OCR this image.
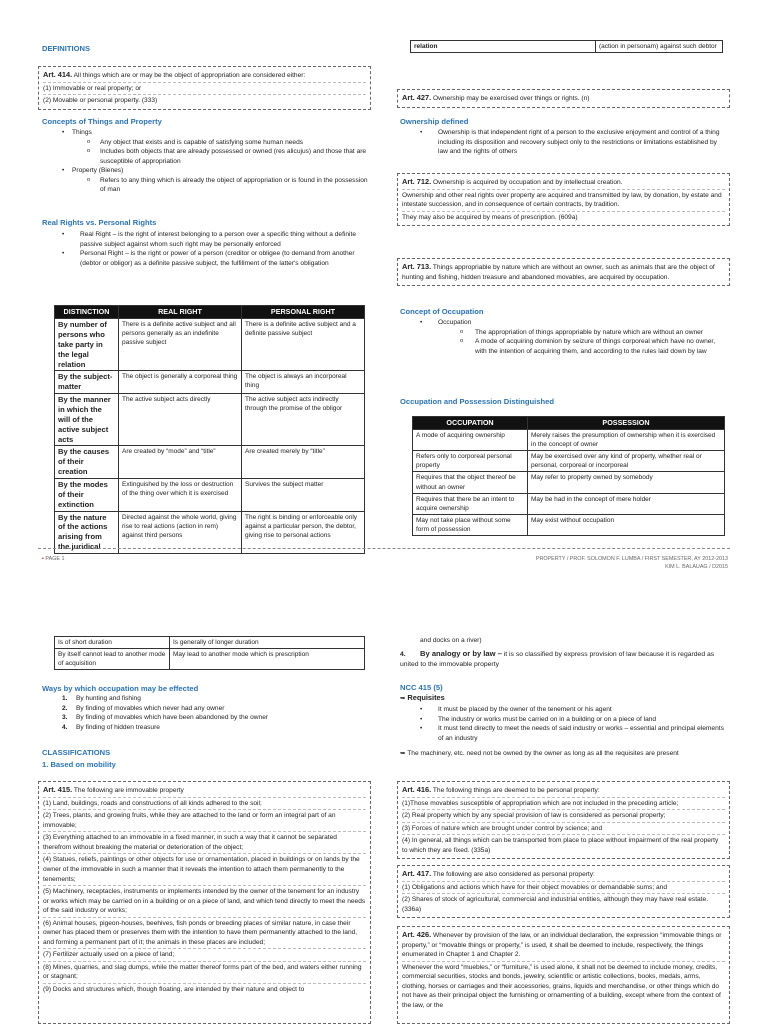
DEFINITIONS
Art. 414. All things which are or may be the object of appropriation are considered either:
(1) Immovable or real property; or
(2) Movable or personal property. (333)
Concepts of Things and Property
• Things
o Any object that exists and is capable of satisfying some human needs
o Includes both objects that are already possessed or owned (res alicujus) and those that are susceptible of appropriation
• Property (Bienes)
o Refers to any thing which is already the object of appropriation or is found in the possession of man
Real Rights vs. Personal Rights
• Real Right – is the right of interest belonging to a person over a specific thing without a definite passive subject against whom such right may be personally enforced
• Personal Right – is the right or power of a person (creditor or obligee (to demand from another (debtor or obligor) as a definite passive subject, the fulfillment of the latter's obligation
DISTINCTION	REAL RIGHT	PERSONAL RIGHT
By number of persons who take party in the legal relation	There is a definite active subject and all persons generally as an indefinite passive subject	There is a definite active subject and a definite passive subject
By the subject-matter	The object is generally a corporeal thing	The object is always an incorporeal thing
By the manner in which the will of the active subject acts	The active subject acts directly	The active subject acts indirectly through the promise of the obligor
By the causes of their creation	Are created by “mode” and “title”	Are created merely by “title”
By the modes of their extinction	Extinguished by the loss or destruction of the thing over which it is exercised	Survives the subject matter
By the nature of the actions arising from the juridical	Directed against the whole world, giving rise to real actions (action in rem) against third persons	The right is binding or enforceable only against a particular person, the debtor, giving rise to personal actions
relation	(action in personam) against such debtor
Art. 427. Ownership may be exercised over things or rights. (n)
Ownership defined
• Ownership is that independent right of a person to the exclusive enjoyment and control of a thing including its disposition and recovery subject only to the restrictions or limitations established by law and the rights of others
Art. 712. Ownership is acquired by occupation and by intellectual creation.
Ownership and other real rights over property are acquired and transmitted by law, by donation, by estate and intestate succession, and in consequence of certain contracts, by tradition.
They may also be acquired by means of prescription. (609a)
Art. 713. Things appropriable by nature which are without an owner, such as animals that are the object of hunting and fishing, hidden treasure and abandoned movables, are acquired by occupation.
Concept of Occupation
• Occupation
o The appropriation of things appropriable by nature which are without an owner
o A mode of acquiring dominion by seizure of things corporeal which have no owner, with the intention of acquiring them, and according to the rules laid down by law
Occupation and Possession Distinguished
OCCUPATION	POSSESSION
A mode of acquiring ownership	Merely raises the presumption of ownership when it is exercised in the concept of owner
Refers only to corporeal personal property	May be exercised over any kind of property, whether real or personal, corporeal or incorporeal
Requires that the object thereof be without an owner	May refer to property owned by somebody
Requires that there be an intent to acquire ownership	May be had in the concept of mere holder
May not take place without some form of possession	May exist without occupation
▪ PAGE 1	PROPERTY / PROF. SOLOMON F. LUMBA / FIRST SEMESTER, AY 2012-2013
KIM L. BALAUAG / D2015
Is of short duration	Is generally of longer duration
By itself cannot lead to another mode of acquisition	May lead to another mode which is prescription
Ways by which occupation may be effected
1. By hunting and fishing
2. By finding of movables which never had any owner
3. By finding of movables which have been abandoned by the owner
4. By finding of hidden treasure
CLASSIFICATIONS
1. Based on mobility
Art. 415. The following are immovable property
(1) Land, buildings, roads and constructions of all kinds adhered to the soil;
(2) Trees, plants, and growing fruits, while they are attached to the land or form an integral part of an immovable;
(3) Everything attached to an immovable in a fixed manner, in such a way that it cannot be separated therefrom without breaking the material or deterioration of the object;
(4) Statues, reliefs, paintings or other objects for use or ornamentation, placed in buildings or on lands by the owner of the immovable in such a manner that it reveals the intention to attach them permanently to the tenements;
(5) Machinery, receptacles, instruments or implements intended by the owner of the tenement for an industry or works which may be carried on in a building or on a piece of land, and which tend directly to meet the needs of the said industry or works;
(6) Animal houses, pigeon-houses, beehives, fish ponds or breeding places of similar nature, in case their owner has placed them or preserves them with the intention to have them permanently attached to the land, and forming a permanent part of it; the animals in these places are included;
(7) Fertilizer actually used on a piece of land;
(8) Mines, quarries, and slag dumps, while the matter thereof forms part of the bed, and waters either running or stagnant;
(9) Docks and structures which, though floating, are intended by their nature and object to
and docks on a river)
4. By analogy or by law – it is so classified by express provision of law because it is regarded as united to the immovable property
NCC 415 (5)
➥ Requisites
• It must be placed by the owner of the tenement or his agent
• The industry or works must be carried on in a building or on a piece of land
• It must tend directly to meet the needs of said industry or works – essential and principal elements of an industry
➥ The machinery, etc. need not be owned by the owner as long as all the requisites are present
Art. 416. The following things are deemed to be personal property:
(1)Those movables susceptible of appropriation which are not included in the preceding article;
(2) Real property which by any special provision of law is considered as personal property;
(3) Forces of nature which are brought under control by science; and
(4) In general, all things which can be transported from place to place without impairment of the real property to which they are fixed. (335a)
Art. 417. The following are also considered as personal property:
(1) Obligations and actions which have for their object movables or demandable sums; and
(2) Shares of stock of agricultural, commercial and industrial entities, although they may have real estate. (336a)
Art. 426. Whenever by provision of the law, or an individual declaration, the expression “immovable things or property,” or “movable things or property,” is used, it shall be deemed to include, respectively, the things enumerated in Chapter 1 and Chapter 2.
Whenever the word “muebles,” or “furniture,” is used alone, it shall not be deemed to include money, credits, commercial securities, stocks and bonds, jewelry, scientific or artistic collections, books, medals, arms, clothing, horses or carriages and their accessories, grains, liquids and merchandise, or other things which do not have as their principal object the furnishing or ornamenting of a building, except where from the context of the law, or the
